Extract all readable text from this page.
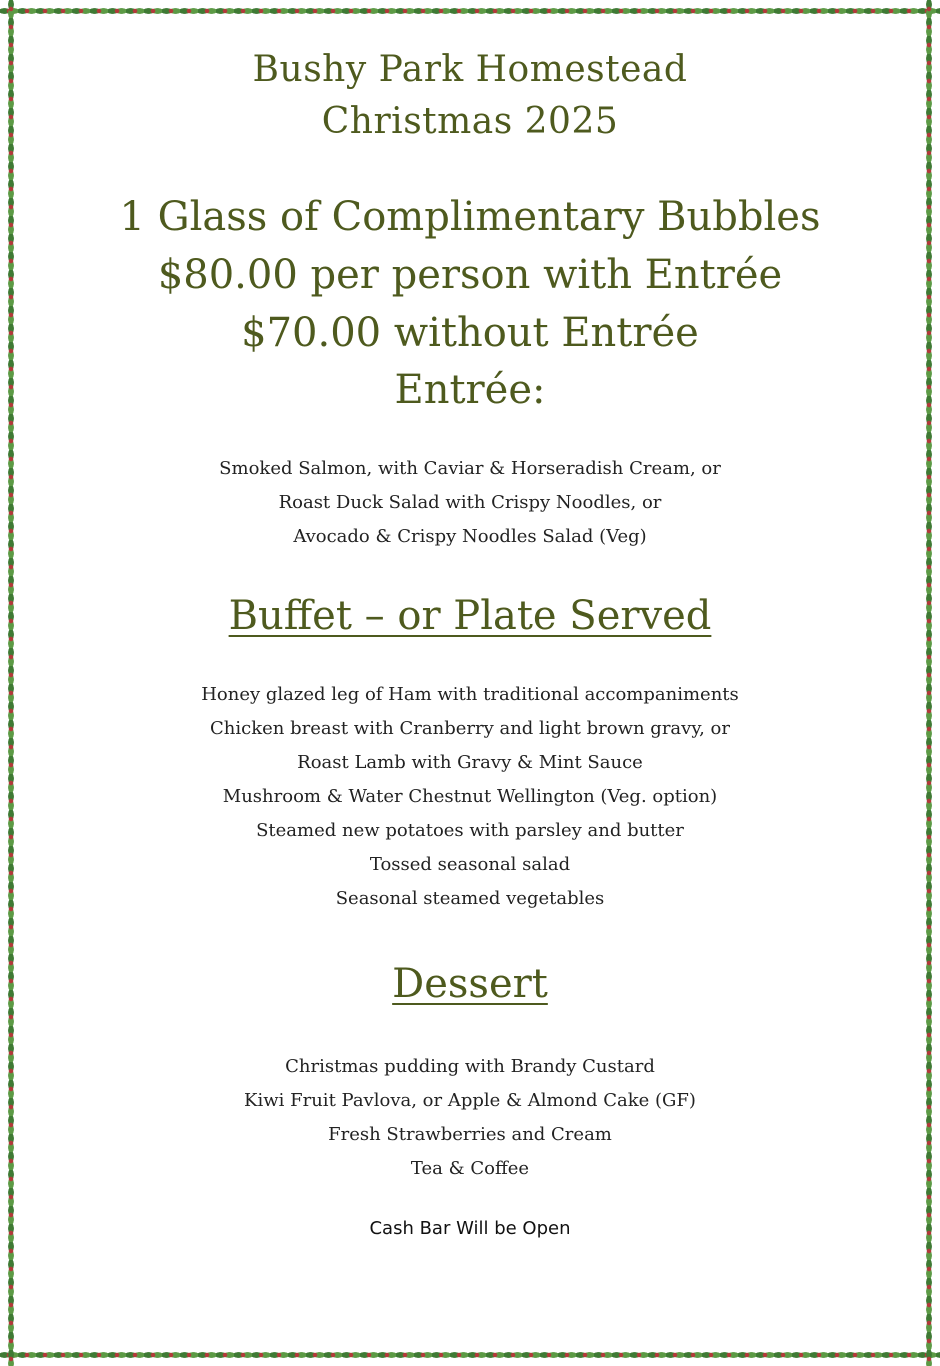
Bushy Park Homestead
Christmas 2025
1 Glass of Complimentary Bubbles
$80.00 per person with Entrée
$70.00 without Entrée
Entrée:
Smoked Salmon, with Caviar & Horseradish Cream, or
Roast Duck Salad with Crispy Noodles, or
Avocado & Crispy Noodles Salad (Veg)
Buffet – or Plate Served
Honey glazed leg of Ham with traditional accompaniments
Chicken breast with Cranberry and light brown gravy, or
Roast Lamb with Gravy & Mint Sauce
Mushroom & Water Chestnut Wellington (Veg. option)
Steamed new potatoes with parsley and butter
Tossed seasonal salad
Seasonal steamed vegetables
Dessert
Christmas pudding with Brandy Custard
Kiwi Fruit Pavlova, or Apple & Almond Cake (GF)
Fresh Strawberries and Cream
Tea & Coffee
Cash Bar Will be Open
